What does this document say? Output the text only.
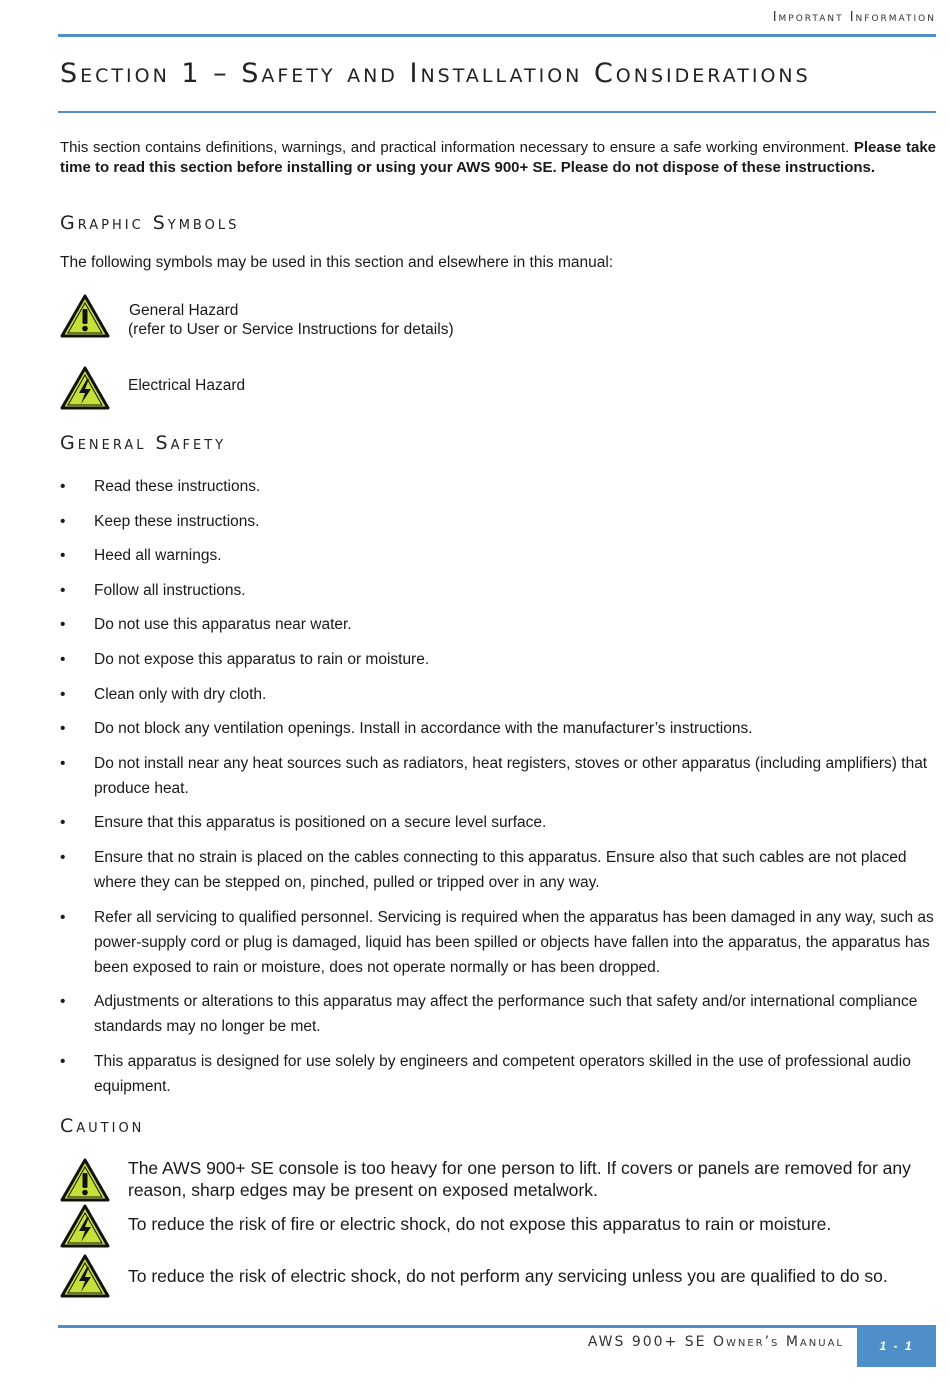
Important Information
Section 1 – Safety and Installation Considerations
This section contains definitions, warnings, and practical information necessary to ensure a safe working environment. Please take time to read this section before installing or using your AWS 900+ SE. Please do not dispose of these instructions.
Graphic Symbols
The following symbols may be used in this section and elsewhere in this manual:
General Hazard
(refer to User or Service Instructions for details)
Electrical Hazard
General Safety
• Read these instructions.
• Keep these instructions.
• Heed all warnings.
• Follow all instructions.
• Do not use this apparatus near water.
• Do not expose this apparatus to rain or moisture.
• Clean only with dry cloth.
• Do not block any ventilation openings. Install in accordance with the manufacturer’s instructions.
• Do not install near any heat sources such as radiators, heat registers, stoves or other apparatus (including amplifiers) that produce heat.
• Ensure that this apparatus is positioned on a secure level surface.
• Ensure that no strain is placed on the cables connecting to this apparatus. Ensure also that such cables are not placed where they can be stepped on, pinched, pulled or tripped over in any way.
• Refer all servicing to qualified personnel. Servicing is required when the apparatus has been damaged in any way, such as power-supply cord or plug is damaged, liquid has been spilled or objects have fallen into the apparatus, the apparatus has been exposed to rain or moisture, does not operate normally or has been dropped.
• Adjustments or alterations to this apparatus may affect the performance such that safety and/or international compliance standards may no longer be met.
• This apparatus is designed for use solely by engineers and competent operators skilled in the use of professional audio equipment.
Caution
The AWS 900+ SE console is too heavy for one person to lift. If covers or panels are removed for any reason, sharp edges may be present on exposed metalwork.
To reduce the risk of fire or electric shock, do not expose this apparatus to rain or moisture.
To reduce the risk of electric shock, do not perform any servicing unless you are qualified to do so.
AWS 900+ SE Owner’s Manual	1 - 1
